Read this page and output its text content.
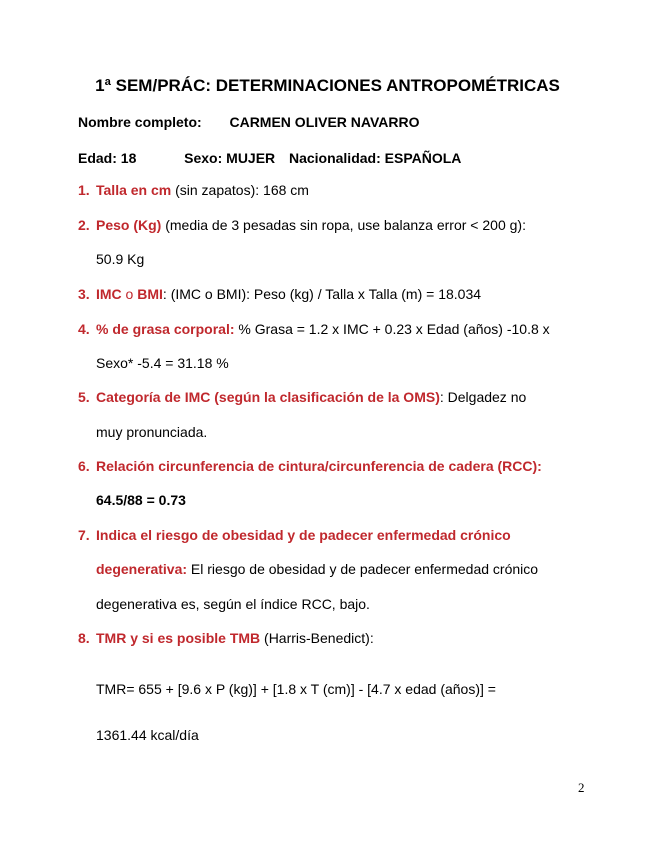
1ª SEM/PRÁC: DETERMINACIONES ANTROPOMÉTRICAS
Nombre completo: CARMEN OLIVER NAVARRO
Edad: 18	Sexo: MUJER Nacionalidad: ESPAÑOLA
1. Talla en cm (sin zapatos): 168 cm
2. Peso (Kg) (media de 3 pesadas sin ropa, use balanza error < 200 g):
50.9 Kg
3. IMC o BMI: (IMC o BMI): Peso (kg) / Talla x Talla (m) = 18.034
4. % de grasa corporal: % Grasa = 1.2 x IMC + 0.23 x Edad (años) -10.8 x
Sexo* -5.4 = 31.18 %
5. Categoría de IMC (según la clasificación de la OMS): Delgadez no
muy pronunciada.
6. Relación circunferencia de cintura/circunferencia de cadera (RCC):
64.5/88 = 0.73
7. Indica el riesgo de obesidad y de padecer enfermedad crónico
degenerativa: El riesgo de obesidad y de padecer enfermedad crónico
degenerativa es, según el índice RCC, bajo.
8. TMR y si es posible TMB (Harris-Benedict):
TMR= 655 + [9.6 x P (kg)] + [1.8 x T (cm)] - [4.7 x edad (años)] =
1361.44 kcal/día
2
